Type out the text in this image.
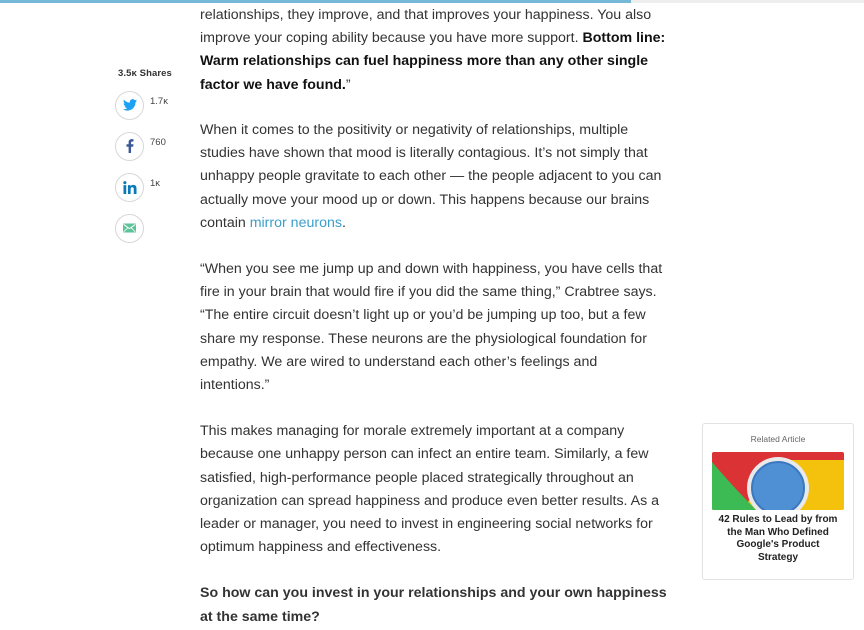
3.5ᴋ Shares
1.7ᴋ
760
1ᴋ

relationships, they improve, and that improves your happiness. You also improve your coping ability because you have more support. Bottom line: Warm relationships can fuel happiness more than any other single factor we have found.”

When it comes to the positivity or negativity of relationships, multiple studies have shown that mood is literally contagious. It’s not simply that unhappy people gravitate to each other — the people adjacent to you can actually move your mood up or down. This happens because our brains contain mirror neurons.

“When you see me jump up and down with happiness, you have cells that fire in your brain that would fire if you did the same thing,” Crabtree says. “The entire circuit doesn’t light up or you’d be jumping up too, but a few share my response. These neurons are the physiological foundation for empathy. We are wired to understand each other’s feelings and intentions.”

This makes managing for morale extremely important at a company because one unhappy person can infect an entire team. Similarly, a few satisfied, high-performance people placed strategically throughout an organization can spread happiness and produce even better results. As a leader or manager, you need to invest in engineering social networks for optimum happiness and effectiveness.

So how can you invest in your relationships and your own happiness at the same time?

Related Article
42 Rules to Lead by from the Man Who Defined Google's Product Strategy
